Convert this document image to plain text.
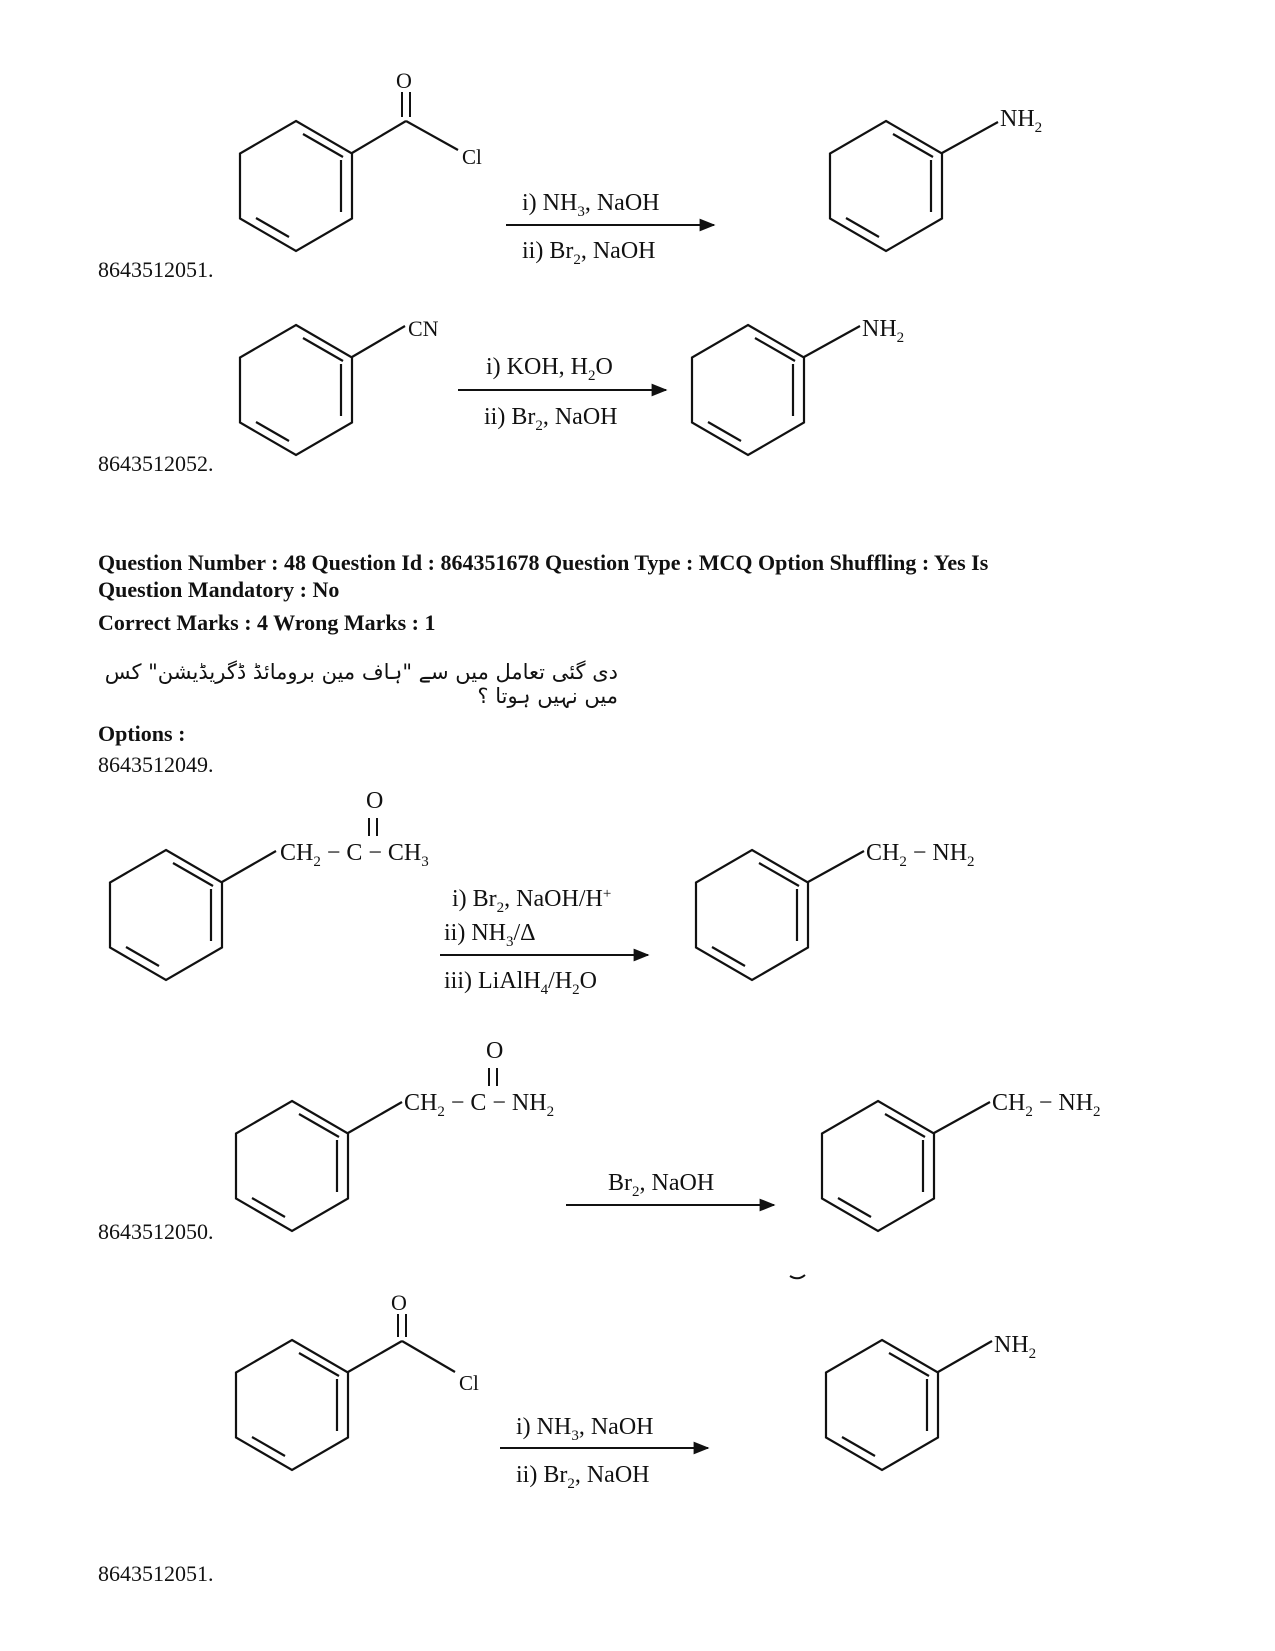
8643512051.
8643512052.
Question Number : 48 Question Id : 864351678 Question Type : MCQ Option Shuffling : Yes Is
Question Mandatory : No
Correct Marks : 4 Wrong Marks : 1
دی گئی تعامل میں سے "ہاف مین برومائڈ ڈگریڈیشن" کس میں نہیں ہوتا ؟
Options :
8643512049.
8643512050.
8643512051.
O
Cl
i) $NH_3$, NaOH
ii) $Br_2$, NaOH
$NH_2$
CN
i) KOH, $H_2O$
ii) $Br_2$, NaOH
$NH_2$
O
$CH_2 - C - CH_3$
i) $Br_2$, NaOH/H+
ii) $NH_3/\Delta$
iii) $LiAlH_4/H_2O$
$CH_2 - NH_2$
O
$CH_2 - C - NH_2$
$Br_2$, NaOH
$CH_2 - NH_2$
O
Cl
i) $NH_3$, NaOH
ii) $Br_2$, NaOH
$NH_2$
